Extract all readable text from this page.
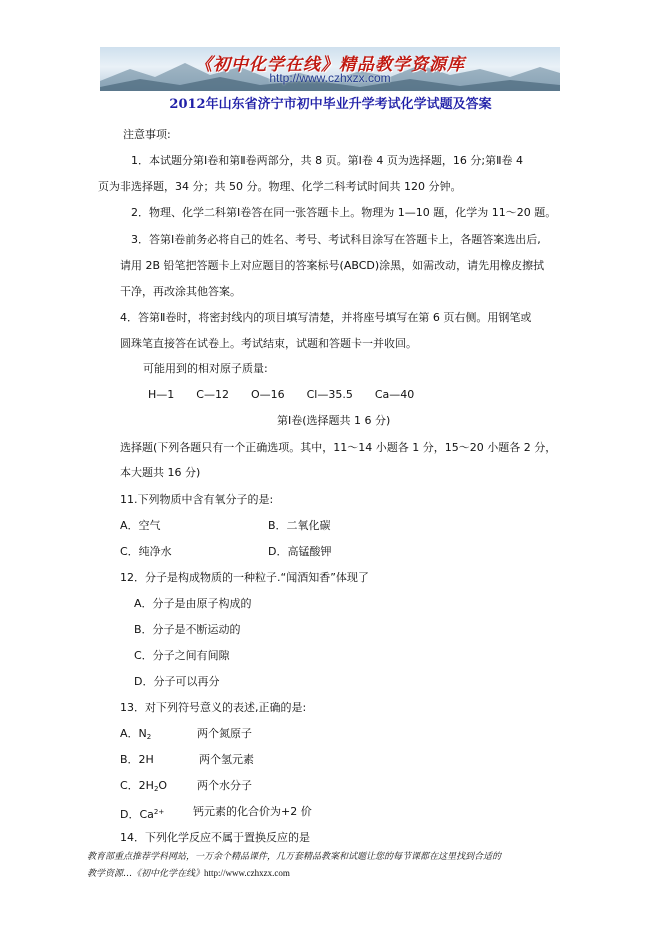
《初中化学在线》精品教学资源库
http://www.czhxzx.com
2012年山东省济宁市初中毕业升学考试化学试题及答案
注意事项:
1．本试题分第Ⅰ卷和第Ⅱ卷两部分，共 8 页。第Ⅰ卷 4 页为选择题，16 分;第Ⅱ卷 4
页为非选择题，34 分；共 50 分。物理、化学二科考试时间共 120 分钟。
2．物理、化学二科第Ⅰ卷答在同一张答题卡上。物理为 1—10 题，化学为 11～20 题。
3．答第Ⅰ卷前务必将自己的姓名、考号、考试科目涂写在答题卡上，各题答案选出后,
请用 2B 铅笔把答题卡上对应题目的答案标号(ABCD)涂黑，如需改动，请先用橡皮擦拭
干净，再改涂其他答案。
4．答第Ⅱ卷时，将密封线内的项目填写清楚，并将座号填写在第 6 页右侧。用钢笔或
圆珠笔直接答在试卷上。考试结束，试题和答题卡一并收回。
可能用到的相对原子质量:
H—1　　C—12　　O—16　　Cl—35.5　　Ca—40
第Ⅰ卷(选择题共 1 6 分)
选择题(下列各题只有一个正确选项。其中，11～14 小题各 1 分，15～20 小题各 2 分，
本大题共 16 分)
11.下列物质中含有氧分子的是:
A．空气	B．二氧化碳
C．纯净水	D．高锰酸钾
12．分子是构成物质的一种粒子.“闻酒知香”体现了
A．分子是由原子构成的
B．分子是不断运动的
C．分子之间有间隙
D．分子可以再分
13．对下列符号意义的表述,正确的是:
A．$N_2$	两个氮原子
B．2H	两个氢元素
C．$2H_2O$	两个水分子
D．$Ca^{2+}$	钙元素的化合价为+2 价
14．下列化学反应不属于置换反应的是
教育部重点推荐学科网站，一万余个精品课件，几万套精品教案和试题让您的每节课都在这里找到合适的
教学资源…《初中化学在线》http://www.czhxzx.com
